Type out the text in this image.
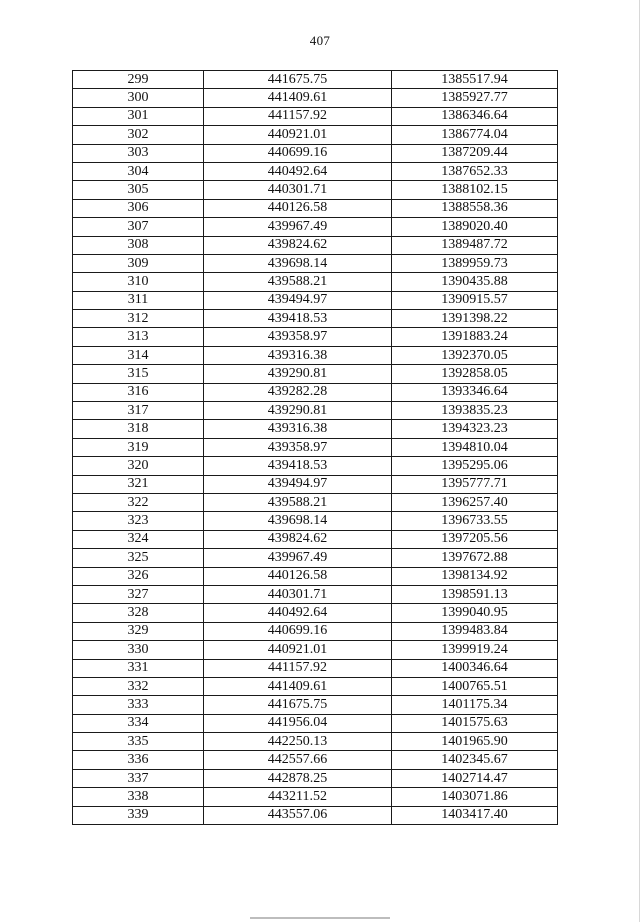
407
299	441675.75	1385517.94
300	441409.61	1385927.77
301	441157.92	1386346.64
302	440921.01	1386774.04
303	440699.16	1387209.44
304	440492.64	1387652.33
305	440301.71	1388102.15
306	440126.58	1388558.36
307	439967.49	1389020.40
308	439824.62	1389487.72
309	439698.14	1389959.73
310	439588.21	1390435.88
311	439494.97	1390915.57
312	439418.53	1391398.22
313	439358.97	1391883.24
314	439316.38	1392370.05
315	439290.81	1392858.05
316	439282.28	1393346.64
317	439290.81	1393835.23
318	439316.38	1394323.23
319	439358.97	1394810.04
320	439418.53	1395295.06
321	439494.97	1395777.71
322	439588.21	1396257.40
323	439698.14	1396733.55
324	439824.62	1397205.56
325	439967.49	1397672.88
326	440126.58	1398134.92
327	440301.71	1398591.13
328	440492.64	1399040.95
329	440699.16	1399483.84
330	440921.01	1399919.24
331	441157.92	1400346.64
332	441409.61	1400765.51
333	441675.75	1401175.34
334	441956.04	1401575.63
335	442250.13	1401965.90
336	442557.66	1402345.67
337	442878.25	1402714.47
338	443211.52	1403071.86
339	443557.06	1403417.40
